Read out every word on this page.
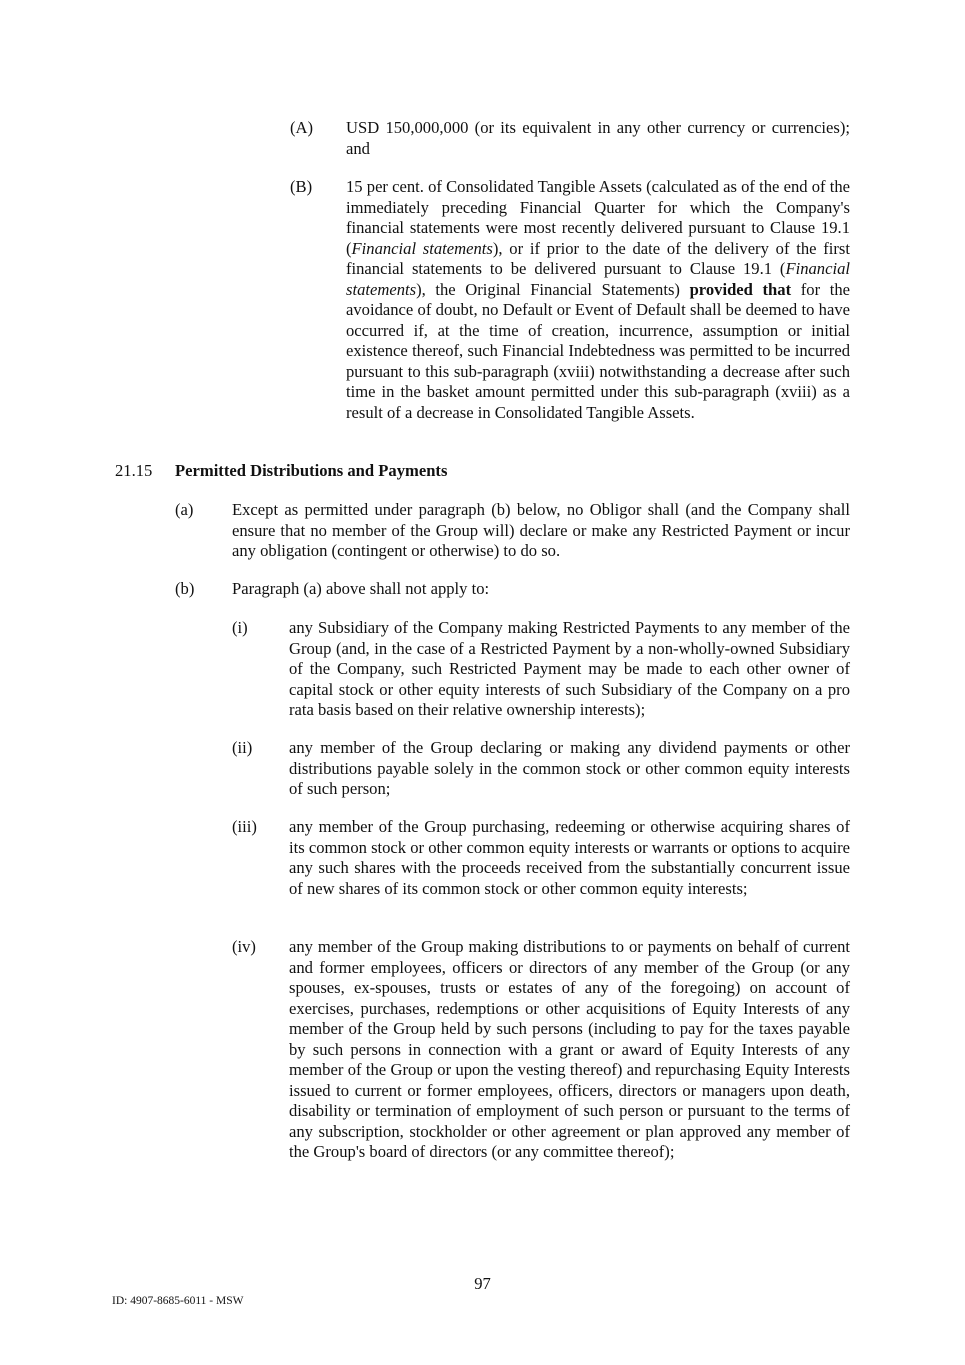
(A)	USD 150,000,000 (or its equivalent in any other currency or currencies); and

(B)	15 per cent. of Consolidated Tangible Assets (calculated as of the end of the immediately preceding Financial Quarter for which the Company's financial statements were most recently delivered pursuant to Clause 19.1 (Financial statements), or if prior to the date of the delivery of the first financial statements to be delivered pursuant to Clause 19.1 (Financial statements), the Original Financial Statements) provided that for the avoidance of doubt, no Default or Event of Default shall be deemed to have occurred if, at the time of creation, incurrence, assumption or initial existence thereof, such Financial Indebtedness was permitted to be incurred pursuant to this sub-paragraph (xviii) notwithstanding a decrease after such time in the basket amount permitted under this sub-paragraph (xviii) as a result of a decrease in Consolidated Tangible Assets.

21.15 Permitted Distributions and Payments
(a)	Except as permitted under paragraph (b) below, no Obligor shall (and the Company shall ensure that no member of the Group will) declare or make any Restricted Payment or incur any obligation (contingent or otherwise) to do so.

(b)	Paragraph (a) above shall not apply to:

(i)	any Subsidiary of the Company making Restricted Payments to any member of the Group (and, in the case of a Restricted Payment by a non-wholly-owned Subsidiary of the Company, such Restricted Payment may be made to each other owner of capital stock or other equity interests of such Subsidiary of the Company on a pro rata basis based on their relative ownership interests);

(ii)	any member of the Group declaring or making any dividend payments or other distributions payable solely in the common stock or other common equity interests of such person;

(iii)	any member of the Group purchasing, redeeming or otherwise acquiring shares of its common stock or other common equity interests or warrants or options to acquire any such shares with the proceeds received from the substantially concurrent issue of new shares of its common stock or other common equity interests;

(iv)	any member of the Group making distributions to or payments on behalf of current and former employees, officers or directors of any member of the Group (or any spouses, ex-spouses, trusts or estates of any of the foregoing) on account of exercises, purchases, redemptions or other acquisitions of Equity Interests of any member of the Group held by such persons (including to pay for the taxes payable by such persons in connection with a grant or award of Equity Interests of any member of the Group or upon the vesting thereof) and repurchasing Equity Interests issued to current or former employees, officers, directors or managers upon death, disability or termination of employment of such person or pursuant to the terms of any subscription, stockholder or other agreement or plan approved any member of the Group's board of directors (or any committee thereof);

97
ID: 4907-8685-6011 - MSW
